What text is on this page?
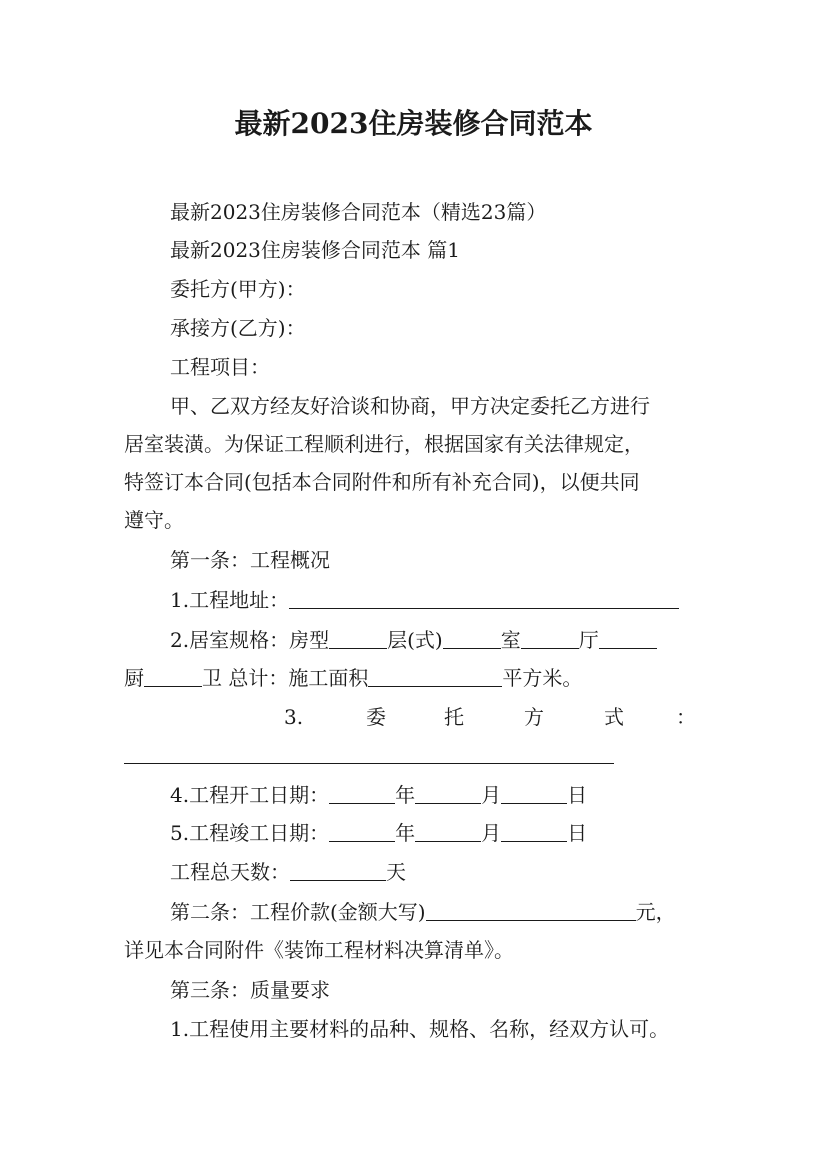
最新2023住房装修合同范本
最新2023住房装修合同范本（精选23篇）
最新2023住房装修合同范本 篇1
委托方(甲方)：
承接方(乙方)：
工程项目：
甲、乙双方经友好洽谈和协商，甲方决定委托乙方进行
居室装潢。为保证工程顺利进行，根据国家有关法律规定，
特签订本合同(包括本合同附件和所有补充合同)，以便共同
遵守。
第一条：工程概况
1.工程地址：
2.居室规格：房型	层(式)	室	厅
厨	卫 总计：施工面积	平方米。
3.	委	托	方	式	：
4.工程开工日期：	年	月	日
5.工程竣工日期：	年	月	日
工程总天数：	天
第二条：工程价款(金额大写)	元，
详见本合同附件《装饰工程材料决算清单》。
第三条：质量要求
1.工程使用主要材料的品种、规格、名称，经双方认可。
